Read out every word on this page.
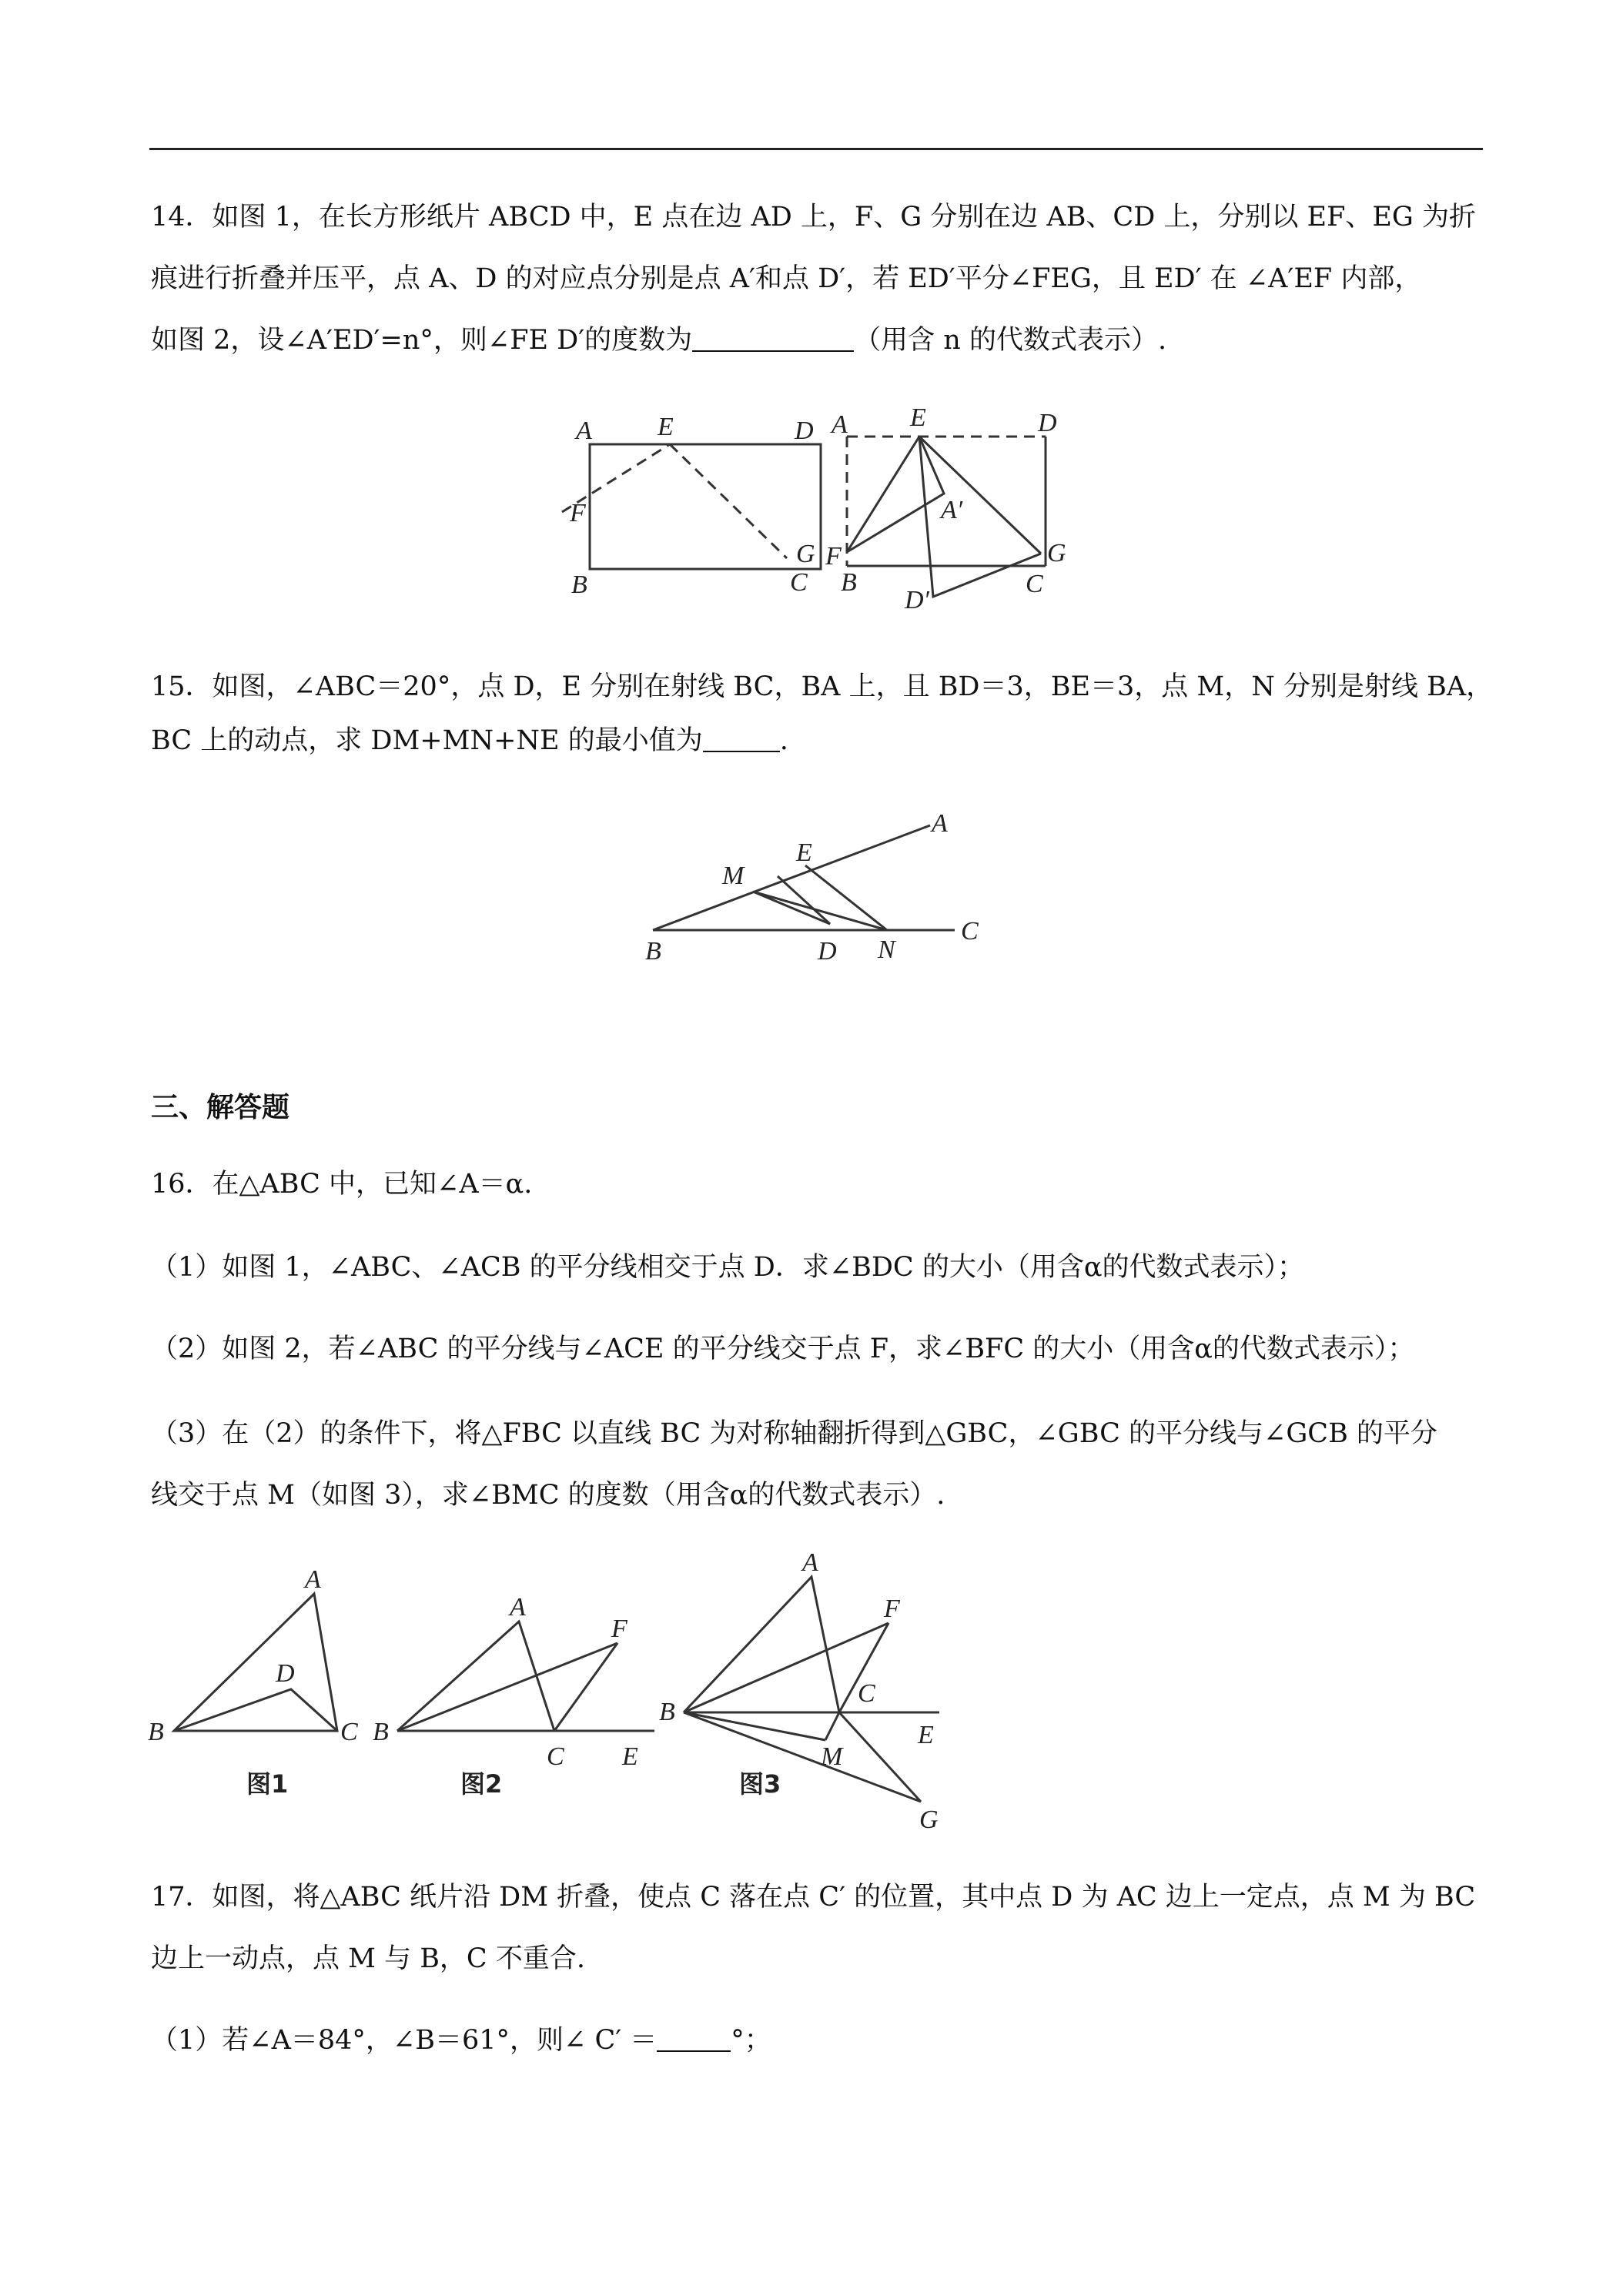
14．如图 1，在长方形纸片 ABCD 中，E 点在边 AD 上，F、G 分别在边 AB、CD 上，分别以 EF、EG 为折
痕进行折叠并压平，点 A、D 的对应点分别是点 A′和点 D′，若 ED′平分∠FEG，且 ED′ 在 ∠A′EF 内部，
如图 2，设∠A′ED′=n°，则∠FE D′的度数为	（用含 n 的代数式表示）.
A	E	D
F
B	C
G
A E	D
A′
F
B
D′
C
G
15．如图，∠ABC＝20°，点 D，E 分别在射线 BC，BA 上，且 BD＝3，BE＝3，点 M，N 分别是射线 BA，
BC 上的动点，求 DM+MN+NE 的最小值为	.
A
E
M
B	D N
C
三、解答题
16．在△ABC 中，已知∠A＝α.
（1）如图 1，∠ABC、∠ACB 的平分线相交于点 D．求∠BDC 的大小（用含α的代数式表示）；
（2）如图 2，若∠ABC 的平分线与∠ACE 的平分线交于点 F，求∠BFC 的大小（用含α的代数式表示）；
（3）在（2）的条件下，将△FBC 以直线 BC 为对称轴翻折得到△GBC，∠GBC 的平分线与∠GCB 的平分
线交于点 M（如图 3），求∠BMC 的度数（用含α的代数式表示）.
A
D
B	C
图1
A
F
B
C E
图2
A
F
B
C
E
M
G
图3
17．如图，将△ABC 纸片沿 DM 折叠，使点 C 落在点 C′ 的位置，其中点 D 为 AC 边上一定点，点 M 为 BC
边上一动点，点 M 与 B，C 不重合.
（1）若∠A＝84°，∠B＝61°，则∠ C′ ＝	°；
